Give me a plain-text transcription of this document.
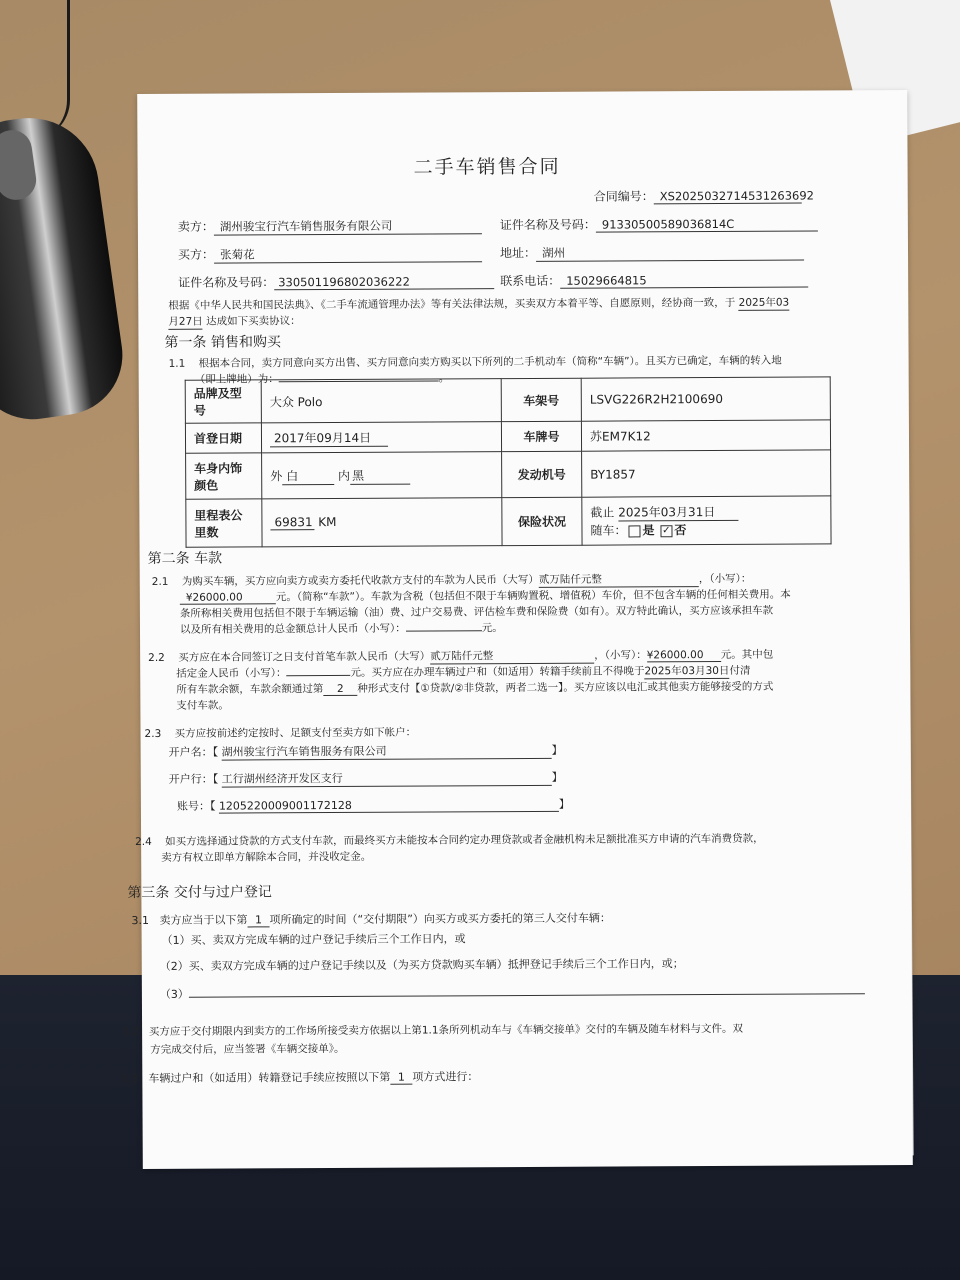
二手车销售合同
合同编号： XS2025032714531263692
卖方： 湖州骏宝行汽车销售服务有限公司	证件名称及号码： 91330500589036814C
买方： 张菊花	地址： 湖州
证件名称及号码： 330501196802036222	联系电话： 15029664815
根据《中华人民共和国民法典》、《二手车流通管理办法》等有关法律法规，买卖双方本着平等、自愿原则，经协商一致，于 2025年03
月27日 达成如下买卖协议：
第一条 销售和购买
1.1 根据本合同，卖方同意向买方出售、买方同意向卖方购买以下所列的二手机动车（简称“车辆”）。且买方已确定，车辆的转入地
（即上牌地）为：	。
品牌及型号	大众 Polo	车架号	LSVG226R2H2100690
首登日期	2017年09月14日	车牌号	苏EM7K12
车身内饰颜色	外 白 内 黑	发动机号	BY1857
里程表公里数	69831 KM	保险状况	截止 2025年03月31日
随车： 是 ✓ 否
第二条 车款
2.1 为购买车辆，买方应向卖方或卖方委托代收款方支付的车款为人民币（大写）贰万陆仟元整	，（小写）：
¥26000.00	元。（简称“车款”）。车款为含税（包括但不限于车辆购置税、增值税）车价，但不包含车辆的任何相关费用。本
条所称相关费用包括但不限于车辆运输（油）费、过户交易费、评估检车费和保险费（如有）。双方特此确认，买方应该承担车款
以及所有相关费用的总金额总计人民币（小写）：	元。
2.2 买方应在本合同签订之日支付首笔车款人民币（大写）贰万陆仟元整	，（小写）：¥26000.00 元。其中包
括定金人民币（小写）：	元。买方应在办理车辆过户和（如适用）转籍手续前且不得晚于2025年03月30日付清
所有车款余额，车款余额通过第 2 种形式支付【①贷款/②非贷款，两者二选一】。买方应该以电汇或其他卖方能够接受的方式
支付车款。
2.3 买方应按前述约定按时、足额支付至卖方如下帐户：
开户名：【 湖州骏宝行汽车销售服务有限公司	】
开户行：【 工行湖州经济开发区支行	】
账号：【 1205220009001172128	】
2.4 如买方选择通过贷款的方式支付车款，而最终买方未能按本合同约定办理贷款或者金融机构未足额批准买方申请的汽车消费贷款，
卖方有权立即单方解除本合同，并没收定金。
第三条 交付与过户登记
3.1 卖方应当于以下第 1 项所确定的时间（“交付期限”）向买方或买方委托的第三人交付车辆：
（1）买、卖双方完成车辆的过户登记手续后三个工作日内，或
（2）买、卖双方完成车辆的过户登记手续以及（为买方贷款购买车辆）抵押登记手续后三个工作日内，或；
（3）
3.2 买方应于交付期限内到卖方的工作场所接受卖方依据以上第1.1条所列机动车与《车辆交接单》交付的车辆及随车材料与文件。双
方完成交付后，应当签署《车辆交接单》。
3.3 车辆过户和（如适用）转籍登记手续应按照以下第 1 项方式进行：
